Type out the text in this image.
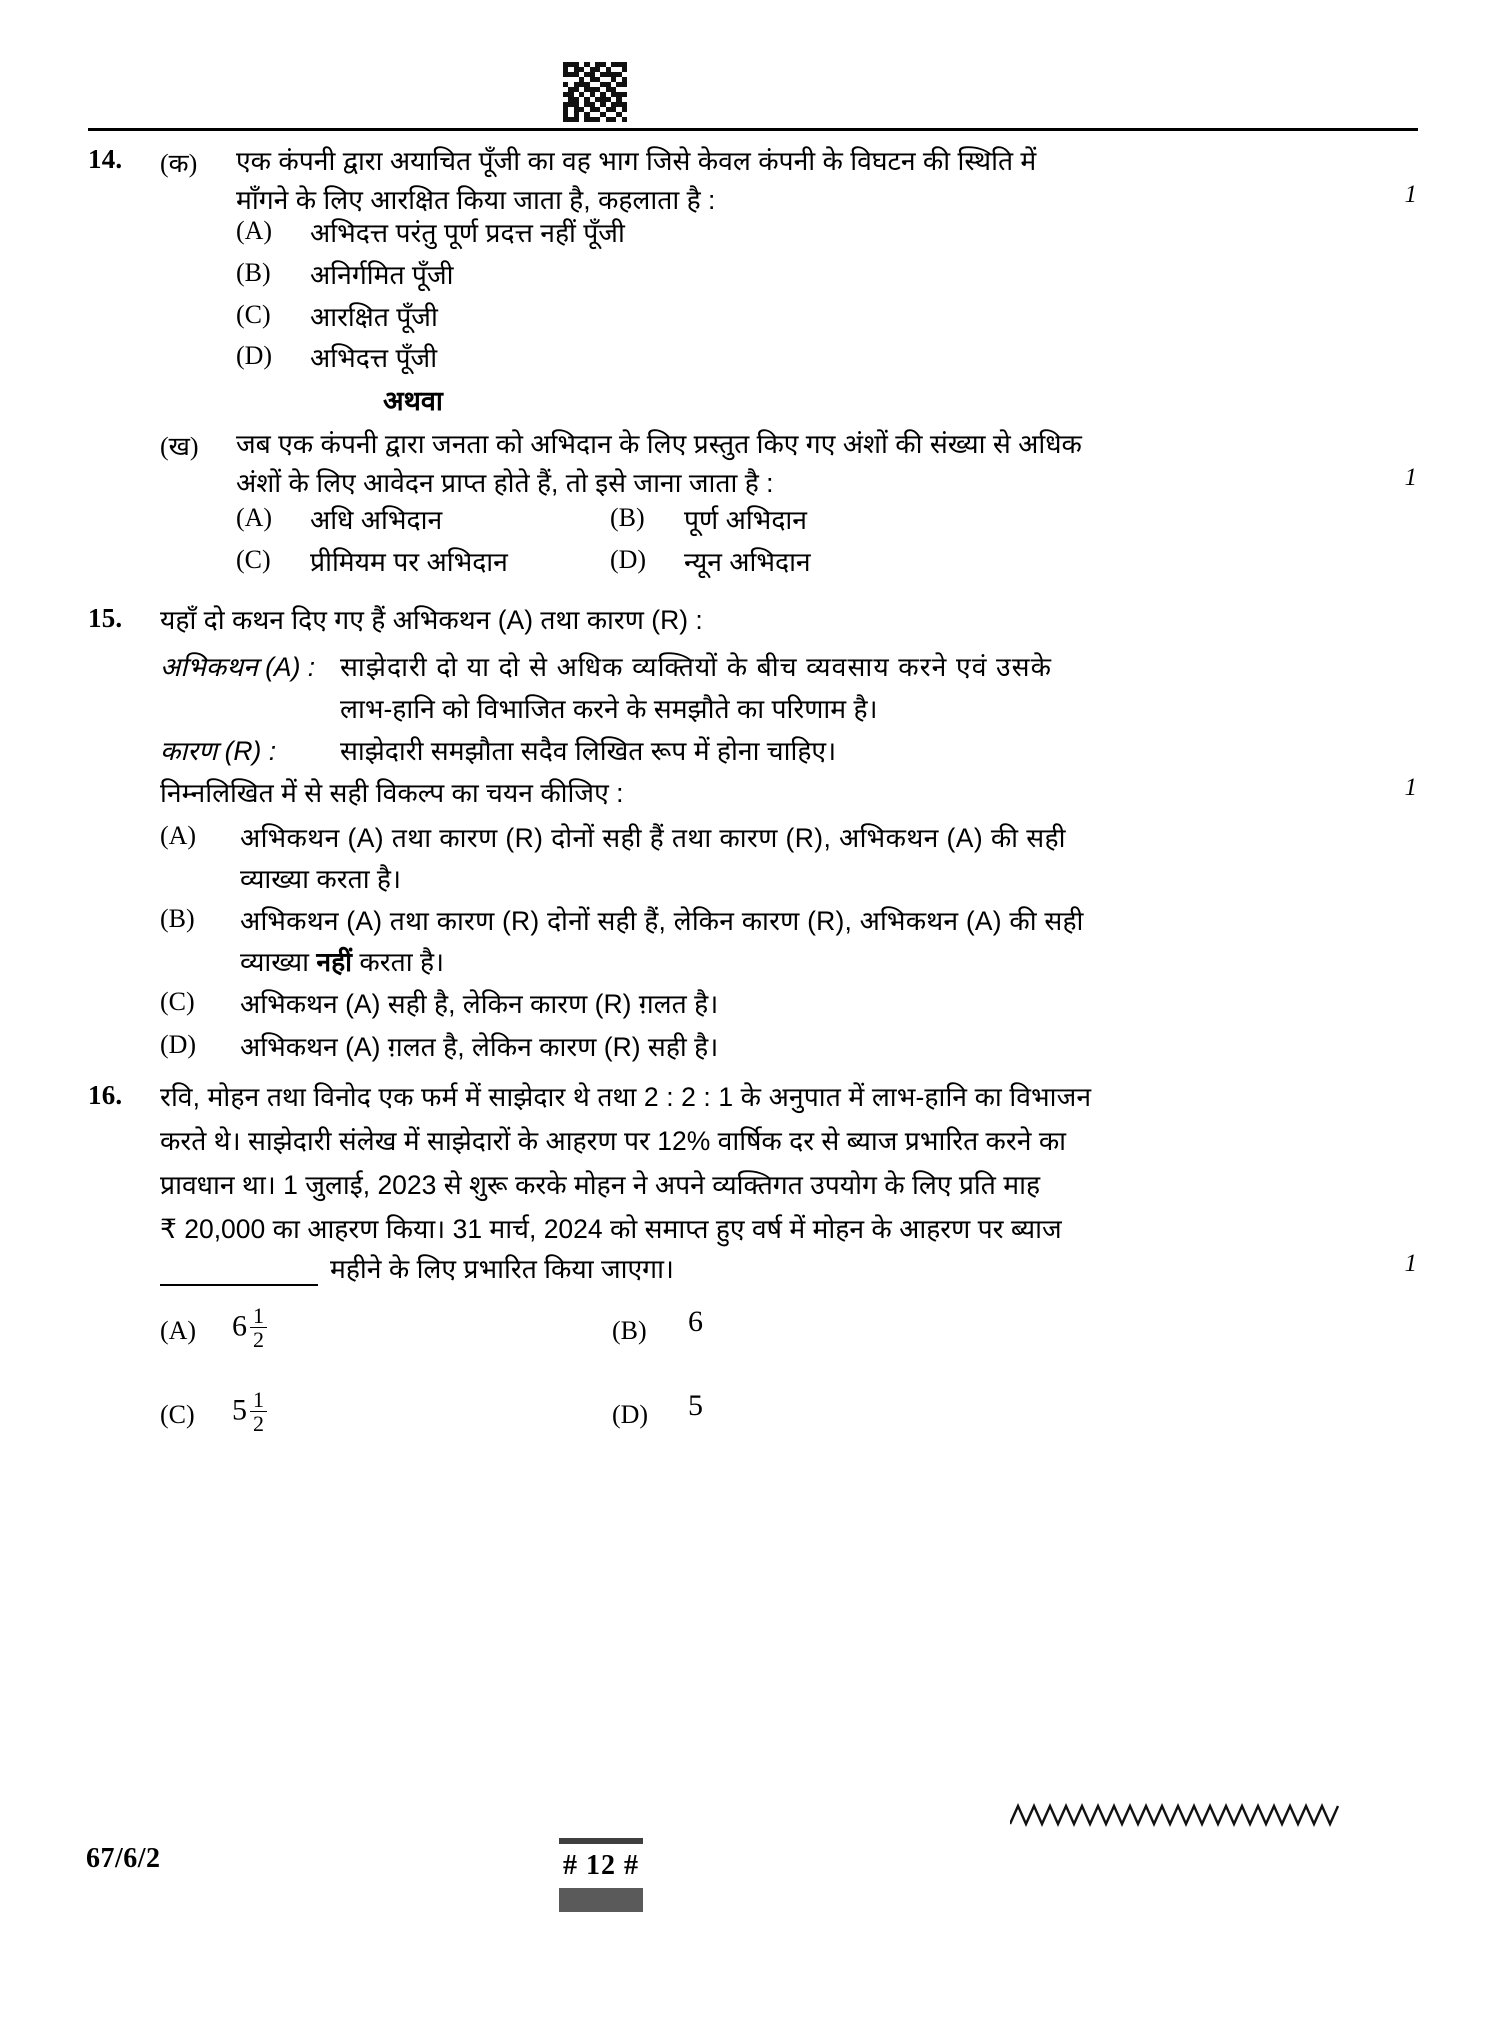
14. (क) एक कंपनी द्वारा अयाचित पूँजी का वह भाग जिसे केवल कंपनी के विघटन की स्थिति में
माँगने के लिए आरक्षित किया जाता है, कहलाता है :	1
(A) अभिदत्त परंतु पूर्ण प्रदत्त नहीं पूँजी
(B) अनिर्गमित पूँजी
(C) आरक्षित पूँजी
(D) अभिदत्त पूँजी
अथवा
(ख) जब एक कंपनी द्वारा जनता को अभिदान के लिए प्रस्तुत किए गए अंशों की संख्या से अधिक
अंशों के लिए आवेदन प्राप्त होते हैं, तो इसे जाना जाता है :	1
(A) अधि अभिदान	(B) पूर्ण अभिदान
(C) प्रीमियम पर अभिदान	(D) न्यून अभिदान
15. यहाँ दो कथन दिए गए हैं अभिकथन (A) तथा कारण (R) :
अभिकथन (A) : साझेदारी दो या दो से अधिक व्यक्तियों के बीच व्यवसाय करने एवं उसके
लाभ-हानि को विभाजित करने के समझौते का परिणाम है।
कारण (R) : साझेदारी समझौता सदैव लिखित रूप में होना चाहिए।
निम्नलिखित में से सही विकल्प का चयन कीजिए :	1
(A) अभिकथन (A) तथा कारण (R) दोनों सही हैं तथा कारण (R), अभिकथन (A) की सही
व्याख्या करता है।
(B) अभिकथन (A) तथा कारण (R) दोनों सही हैं, लेकिन कारण (R), अभिकथन (A) की सही
व्याख्या नहीं करता है।
(C) अभिकथन (A) सही है, लेकिन कारण (R) ग़लत है।
(D) अभिकथन (A) ग़लत है, लेकिन कारण (R) सही है।
16. रवि, मोहन तथा विनोद एक फर्म में साझेदार थे तथा 2 : 2 : 1 के अनुपात में लाभ-हानि का विभाजन
करते थे। साझेदारी संलेख में साझेदारों के आहरण पर 12% वार्षिक दर से ब्याज प्रभारित करने का
प्रावधान था। 1 जुलाई, 2023 से शुरू करके मोहन ने अपने व्यक्तिगत उपयोग के लिए प्रति माह
₹ 20,000 का आहरण किया। 31 मार्च, 2024 को समाप्त हुए वर्ष में मोहन के आहरण पर ब्याज
महीने के लिए प्रभारित किया जाएगा।	1
(A) $6 \frac{1}{2}$	(B) 6
(C) $5 \frac{1}{2}$	(D) 5
67/6/2	# 12 #
